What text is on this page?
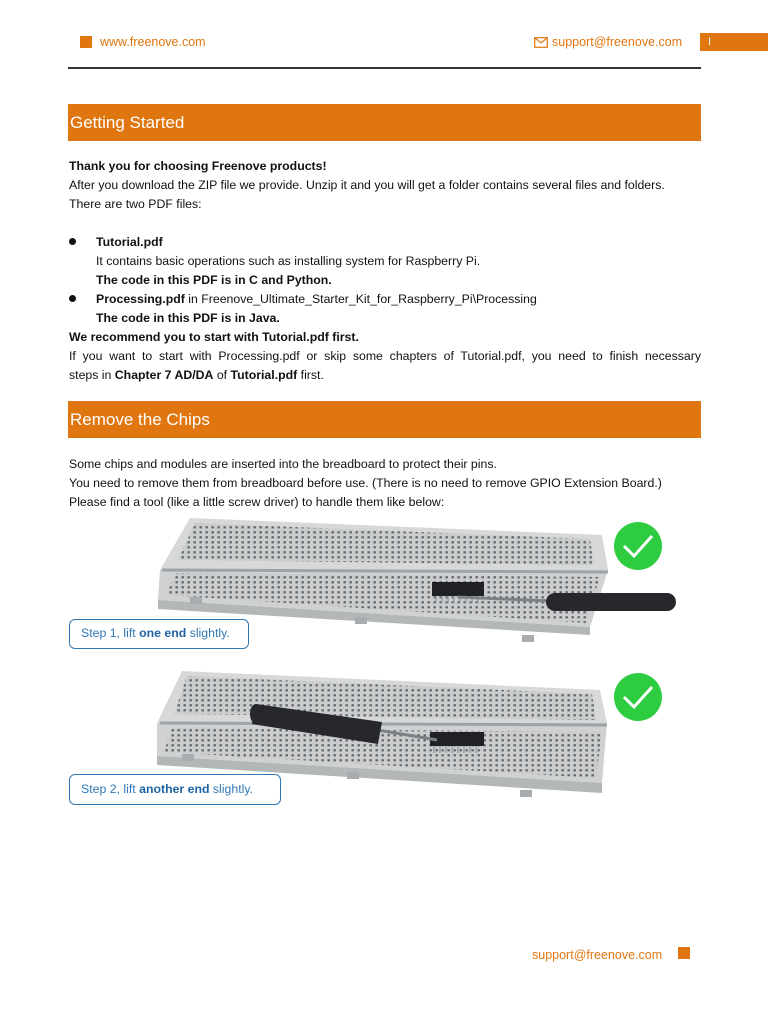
www.freenove.com	support@freenove.com	I
Getting Started
Thank you for choosing Freenove products!
After you download the ZIP file we provide. Unzip it and you will get a folder contains several files and folders.
There are two PDF files:
Tutorial.pdf
It contains basic operations such as installing system for Raspberry Pi.
The code in this PDF is in C and Python.
Processing.pdf in Freenove_Ultimate_Starter_Kit_for_Raspberry_Pi\Processing
The code in this PDF is in Java.
We recommend you to start with Tutorial.pdf first.
If you want to start with Processing.pdf or skip some chapters of Tutorial.pdf, you need to finish necessary
steps in Chapter 7 AD/DA of Tutorial.pdf first.
Remove the Chips
Some chips and modules are inserted into the breadboard to protect their pins.
You need to remove them from breadboard before use. (There is no need to remove GPIO Extension Board.)
Please find a tool (like a little screw driver) to handle them like below:
Step 1, lift one end slightly.
Step 2, lift another end slightly.
support@freenove.com
